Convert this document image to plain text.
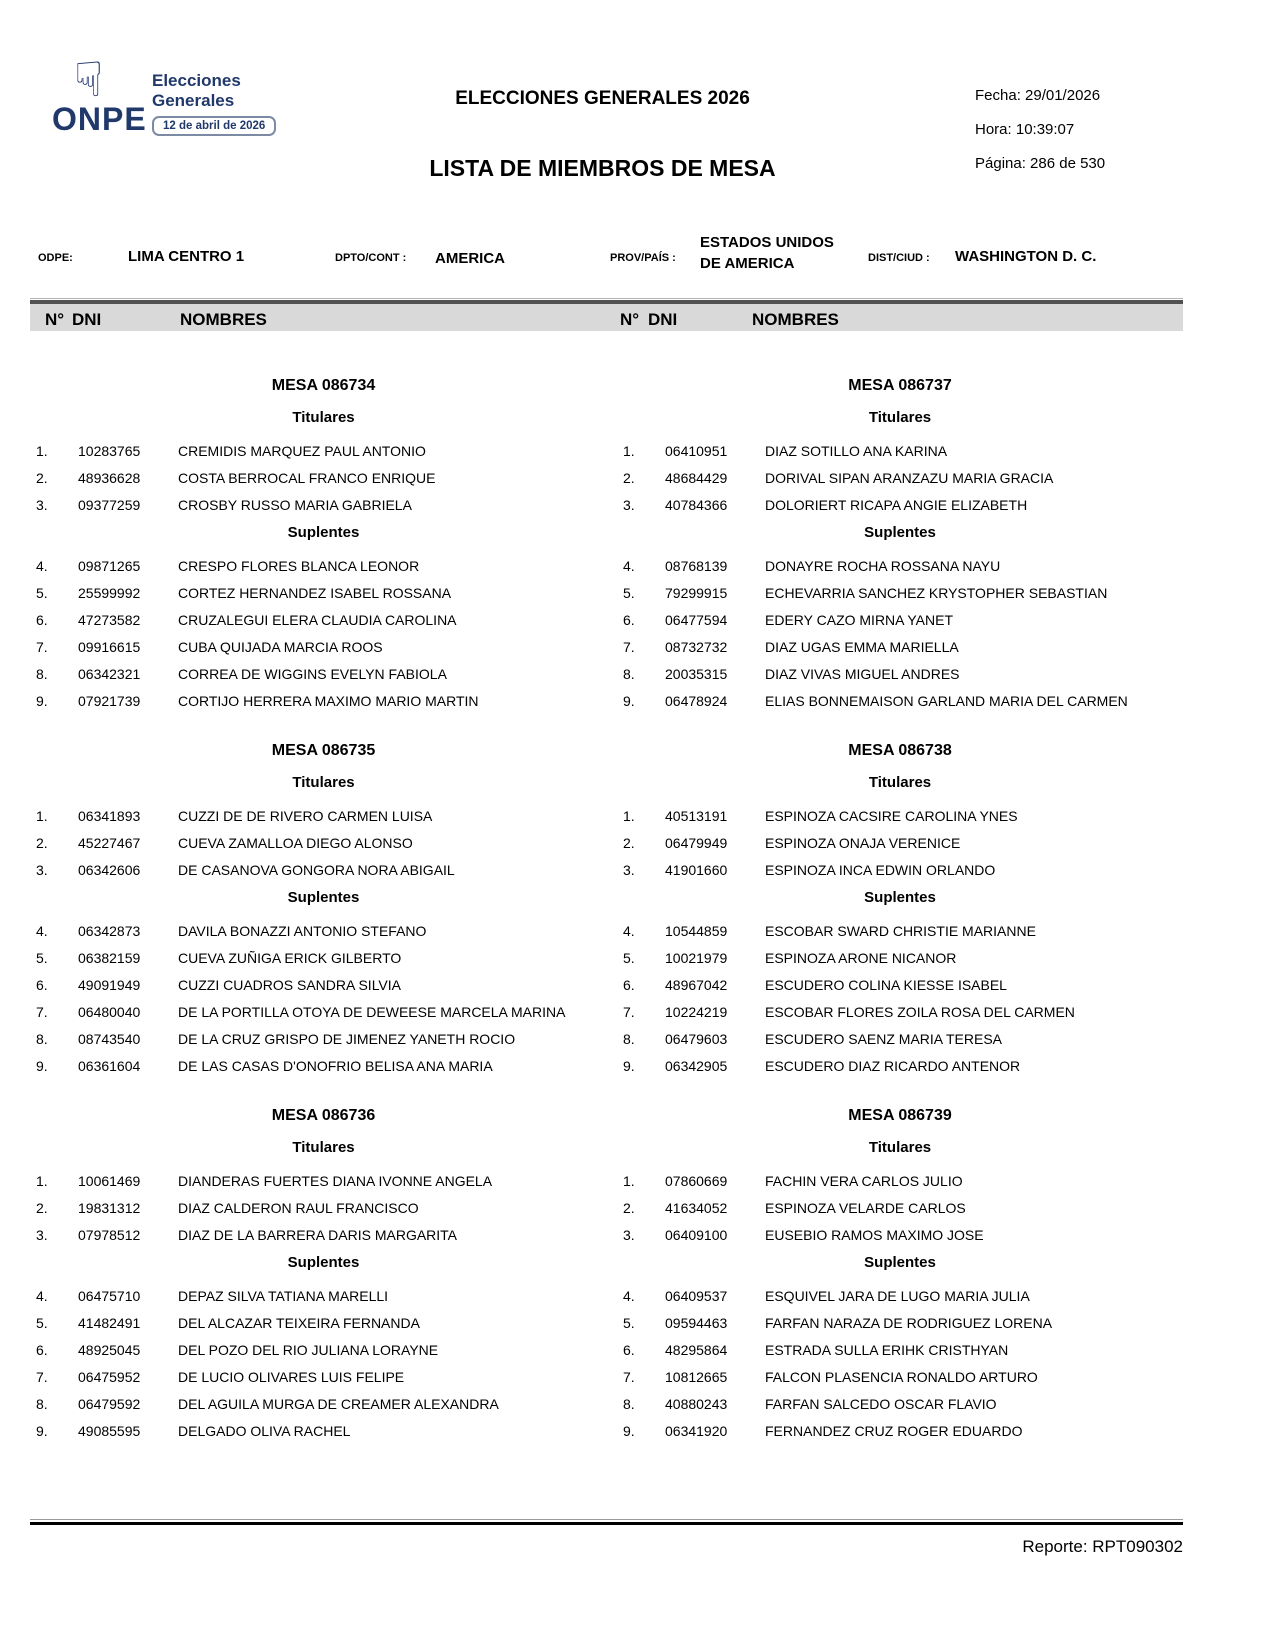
☟
ONPE
Elecciones
Generales
12 de abril de 2026
ELECCIONES GENERALES 2026
LISTA DE MIEMBROS DE MESA
Fecha: 29/01/2026
Hora: 10:39:07
Página: 286 de 530
ODPE:	LIMA CENTRO 1	DPTO/CONT : AMERICA	PROV/PAÍS :
ESTADOS UNIDOS
DE AMERICA	DIST/CIUD : WASHINGTON D. C.
N° DNI	NOMBRES	N° DNI	NOMBRES
MESA 086734
Titulares
1.	10283765	CREMIDIS MARQUEZ PAUL ANTONIO
2.	48936628	COSTA BERROCAL FRANCO ENRIQUE
3.	09377259	CROSBY RUSSO MARIA GABRIELA
Suplentes
4.	09871265	CRESPO FLORES BLANCA LEONOR
5.	25599992	CORTEZ HERNANDEZ ISABEL ROSSANA
6.	47273582	CRUZALEGUI ELERA CLAUDIA CAROLINA
7.	09916615	CUBA QUIJADA MARCIA ROOS
8.	06342321	CORREA DE WIGGINS EVELYN FABIOLA
9.	07921739	CORTIJO HERRERA MAXIMO MARIO MARTIN
MESA 086735
Titulares
1.	06341893	CUZZI DE DE RIVERO CARMEN LUISA
2.	45227467	CUEVA ZAMALLOA DIEGO ALONSO
3.	06342606	DE CASANOVA GONGORA NORA ABIGAIL
Suplentes
4.	06342873	DAVILA BONAZZI ANTONIO STEFANO
5.	06382159	CUEVA ZUÑIGA ERICK GILBERTO
6.	49091949	CUZZI CUADROS SANDRA SILVIA
7.	06480040	DE LA PORTILLA OTOYA DE DEWEESE MARCELA MARINA
8.	08743540	DE LA CRUZ GRISPO DE JIMENEZ YANETH ROCIO
9.	06361604	DE LAS CASAS D'ONOFRIO BELISA ANA MARIA
MESA 086736
Titulares
1.	10061469	DIANDERAS FUERTES DIANA IVONNE ANGELA
2.	19831312	DIAZ CALDERON RAUL FRANCISCO
3.	07978512	DIAZ DE LA BARRERA DARIS MARGARITA
Suplentes
4.	06475710	DEPAZ SILVA TATIANA MARELLI
5.	41482491	DEL ALCAZAR TEIXEIRA FERNANDA
6.	48925045	DEL POZO DEL RIO JULIANA LORAYNE
7.	06475952	DE LUCIO OLIVARES LUIS FELIPE
8.	06479592	DEL AGUILA MURGA DE CREAMER ALEXANDRA
9.	49085595	DELGADO OLIVA RACHEL
MESA 086737
Titulares
1.	06410951	DIAZ SOTILLO ANA KARINA
2.	48684429	DORIVAL SIPAN ARANZAZU MARIA GRACIA
3.	40784366	DOLORIERT RICAPA ANGIE ELIZABETH
Suplentes
4.	08768139	DONAYRE ROCHA ROSSANA NAYU
5.	79299915	ECHEVARRIA SANCHEZ KRYSTOPHER SEBASTIAN
6.	06477594	EDERY CAZO MIRNA YANET
7.	08732732	DIAZ UGAS EMMA MARIELLA
8.	20035315	DIAZ VIVAS MIGUEL ANDRES
9.	06478924	ELIAS BONNEMAISON GARLAND MARIA DEL CARMEN
MESA 086738
Titulares
1.	40513191	ESPINOZA CACSIRE CAROLINA YNES
2.	06479949	ESPINOZA ONAJA VERENICE
3.	41901660	ESPINOZA INCA EDWIN ORLANDO
Suplentes
4.	10544859	ESCOBAR SWARD CHRISTIE MARIANNE
5.	10021979	ESPINOZA ARONE NICANOR
6.	48967042	ESCUDERO COLINA KIESSE ISABEL
7.	10224219	ESCOBAR FLORES ZOILA ROSA DEL CARMEN
8.	06479603	ESCUDERO SAENZ MARIA TERESA
9.	06342905	ESCUDERO DIAZ RICARDO ANTENOR
MESA 086739
Titulares
1.	07860669	FACHIN VERA CARLOS JULIO
2.	41634052	ESPINOZA VELARDE CARLOS
3.	06409100	EUSEBIO RAMOS MAXIMO JOSE
Suplentes
4.	06409537	ESQUIVEL JARA DE LUGO MARIA JULIA
5.	09594463	FARFAN NARAZA DE RODRIGUEZ LORENA
6.	48295864	ESTRADA SULLA ERIHK CRISTHYAN
7.	10812665	FALCON PLASENCIA RONALDO ARTURO
8.	40880243	FARFAN SALCEDO OSCAR FLAVIO
9.	06341920	FERNANDEZ CRUZ ROGER EDUARDO
Reporte: RPT090302
